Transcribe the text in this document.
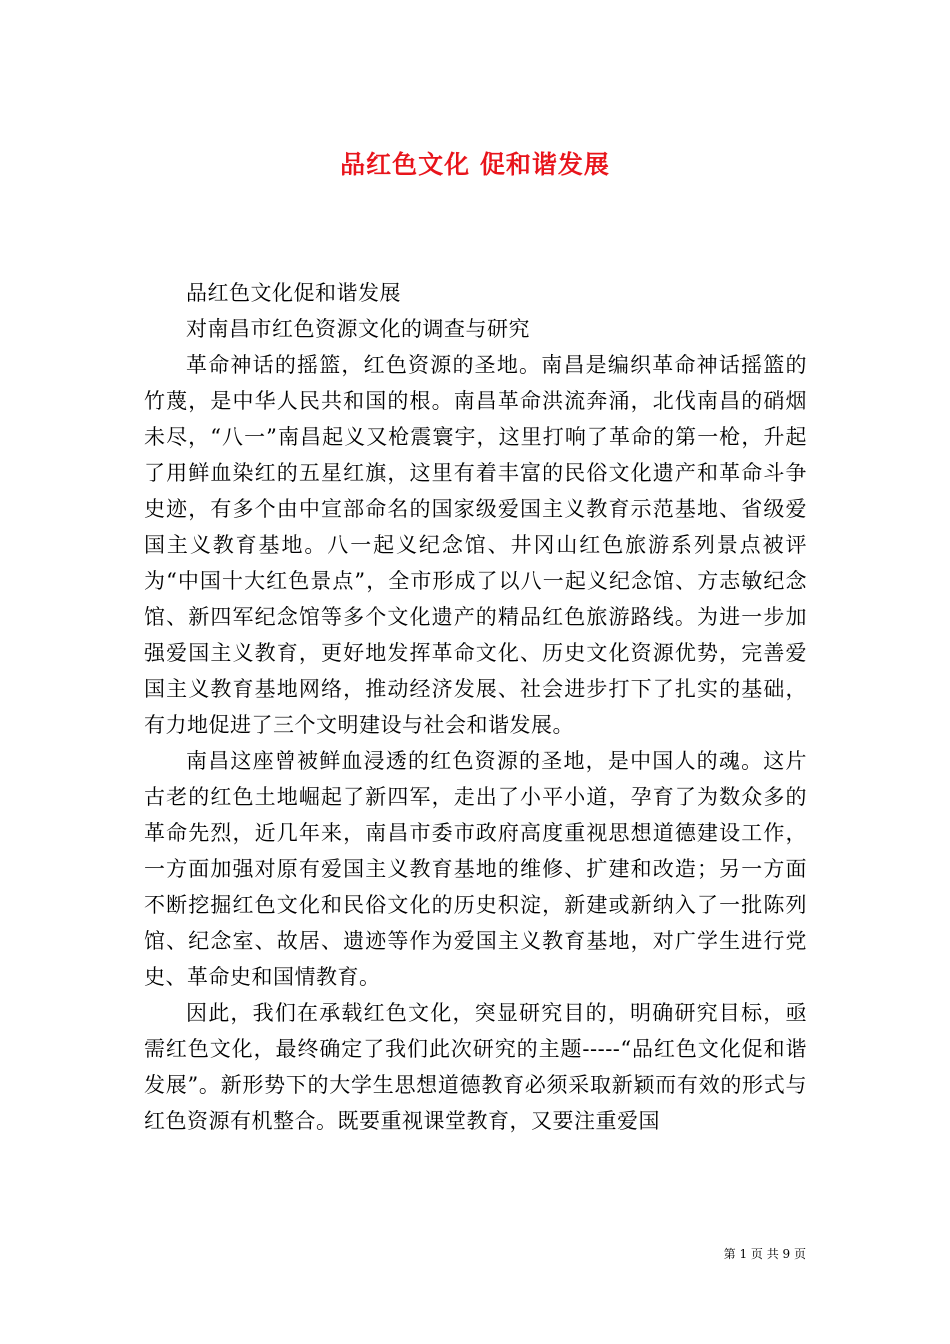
品红色文化 促和谐发展

品红色文化促和谐发展

对南昌市红色资源文化的调查与研究

革命神话的摇篮，红色资源的圣地。南昌是编织革命神话摇篮的竹蔑，是中华人民共和国的根。南昌革命洪流奔涌，北伐南昌的硝烟未尽，“八一”南昌起义又枪震寰宇，这里打响了革命的第一枪，升起了用鲜血染红的五星红旗，这里有着丰富的民俗文化遗产和革命斗争史迹，有多个由中宣部命名的国家级爱国主义教育示范基地、省级爱国主义教育基地。八一起义纪念馆、井冈山红色旅游系列景点被评为“中国十大红色景点”，全市形成了以八一起义纪念馆、方志敏纪念馆、新四军纪念馆等多个文化遗产的精品红色旅游路线。为进一步加强爱国主义教育，更好地发挥革命文化、历史文化资源优势，完善爱国主义教育基地网络，推动经济发展、社会进步打下了扎实的基础，有力地促进了三个文明建设与社会和谐发展。

南昌这座曾被鲜血浸透的红色资源的圣地，是中国人的魂。这片古老的红色土地崛起了新四军，走出了小平小道，孕育了为数众多的革命先烈，近几年来，南昌市委市政府高度重视思想道德建设工作，一方面加强对原有爱国主义教育基地的维修、扩建和改造；另一方面不断挖掘红色文化和民俗文化的历史积淀，新建或新纳入了一批陈列馆、纪念室、故居、遗迹等作为爱国主义教育基地，对广学生进行党史、革命史和国情教育。

因此，我们在承载红色文化，突显研究目的，明确研究目标，亟需红色文化，最终确定了我们此次研究的主题-----“品红色文化促和谐发展”。新形势下的大学生思想道德教育必须采取新颖而有效的形式与红色资源有机整合。既要重视课堂教育，又要注重爱国

第 1 页 共 9 页
